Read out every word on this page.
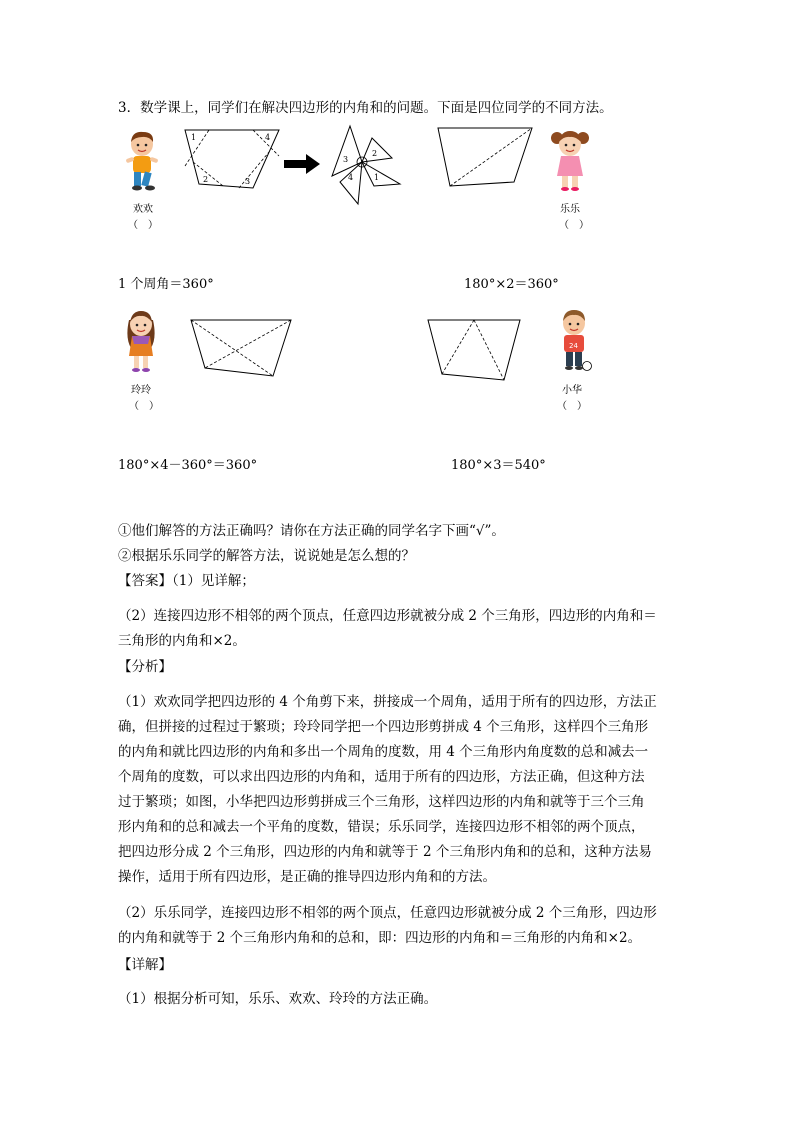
3．数学课上，同学们在解决四边形的内角和的问题。下面是四位同学的不同方法。
欢欢
（　）
1	4
2	3
3
2
4	1
乐乐
（　）
1 个周角＝360°	180°×2＝360°
玲玲
（　）
24
小华
（　）
180°×4－360°＝360°	180°×3＝540°
①他们解答的方法正确吗？请你在方法正确的同学名字下画“√”。
②根据乐乐同学的解答方法，说说她是怎么想的？
【答案】（1）见详解；
（2）连接四边形不相邻的两个顶点，任意四边形就被分成 2 个三角形，四边形的内角和＝
三角形的内角和×2。
【分析】
（1）欢欢同学把四边形的 4 个角剪下来，拼接成一个周角，适用于所有的四边形，方法正
确，但拼接的过程过于繁琐；玲玲同学把一个四边形剪拼成 4 个三角形，这样四个三角形
的内角和就比四边形的内角和多出一个周角的度数，用 4 个三角形内角度数的总和减去一
个周角的度数，可以求出四边形的内角和，适用于所有的四边形，方法正确，但这种方法
过于繁琐；如图，小华把四边形剪拼成三个三角形，这样四边形的内角和就等于三个三角
形内角和的总和减去一个平角的度数，错误；乐乐同学，连接四边形不相邻的两个顶点，
把四边形分成 2 个三角形，四边形的内角和就等于 2 个三角形内角和的总和，这种方法易
操作，适用于所有四边形，是正确的推导四边形内角和的方法。
（2）乐乐同学，连接四边形不相邻的两个顶点，任意四边形就被分成 2 个三角形，四边形
的内角和就等于 2 个三角形内角和的总和，即：四边形的内角和＝三角形的内角和×2。
【详解】
（1）根据分析可知，乐乐、欢欢、玲玲的方法正确。
